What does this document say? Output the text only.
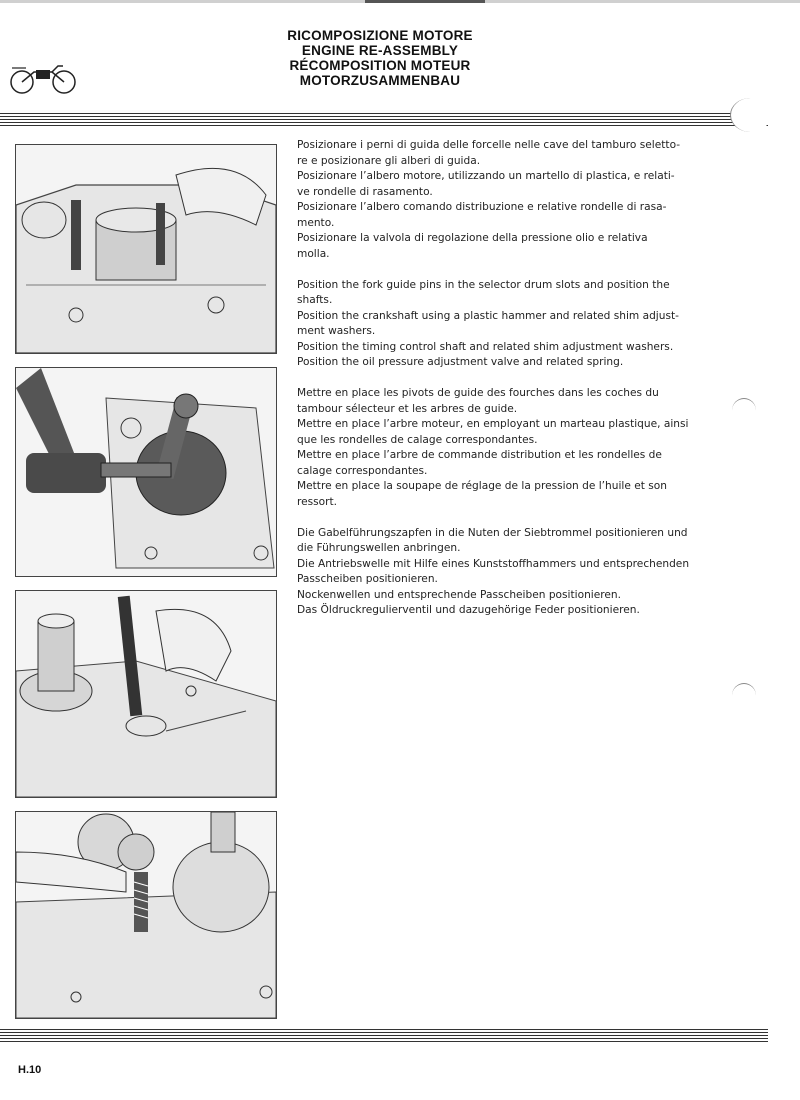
RICOMPOSIZIONE MOTORE
ENGINE RE-ASSEMBLY
RÉCOMPOSITION MOTEUR
MOTORZUSAMMENBAU
Posizionare i perni di guida delle forcelle nelle cave del tamburo seletto-
re e posizionare gli alberi di guida.
Posizionare l’albero motore, utilizzando un martello di plastica, e relati-
ve rondelle di rasamento.
Posizionare l’albero comando distribuzione e relative rondelle di rasa-
mento.
Posizionare la valvola di regolazione della pressione olio e relativa
molla.
Position the fork guide pins in the selector drum slots and position the
shafts.
Position the crankshaft using a plastic hammer and related shim adjust-
ment washers.
Position the timing control shaft and related shim adjustment washers.
Position the oil pressure adjustment valve and related spring.
Mettre en place les pivots de guide des fourches dans les coches du
tambour sélecteur et les arbres de guide.
Mettre en place l’arbre moteur, en employant un marteau plastique, ainsi
que les rondelles de calage correspondantes.
Mettre en place l’arbre de commande distribution et les rondelles de
calage correspondantes.
Mettre en place la soupape de réglage de la pression de l’huile et son
ressort.
Die Gabelführungszapfen in die Nuten der Siebtrommel positionieren und
die Führungswellen anbringen.
Die Antriebswelle mit Hilfe eines Kunststoffhammers und entsprechenden
Passcheiben positionieren.
Nockenwellen und entsprechende Passcheiben positionieren.
Das Öldruckregulierventil und dazugehörige Feder positionieren.
H.10
